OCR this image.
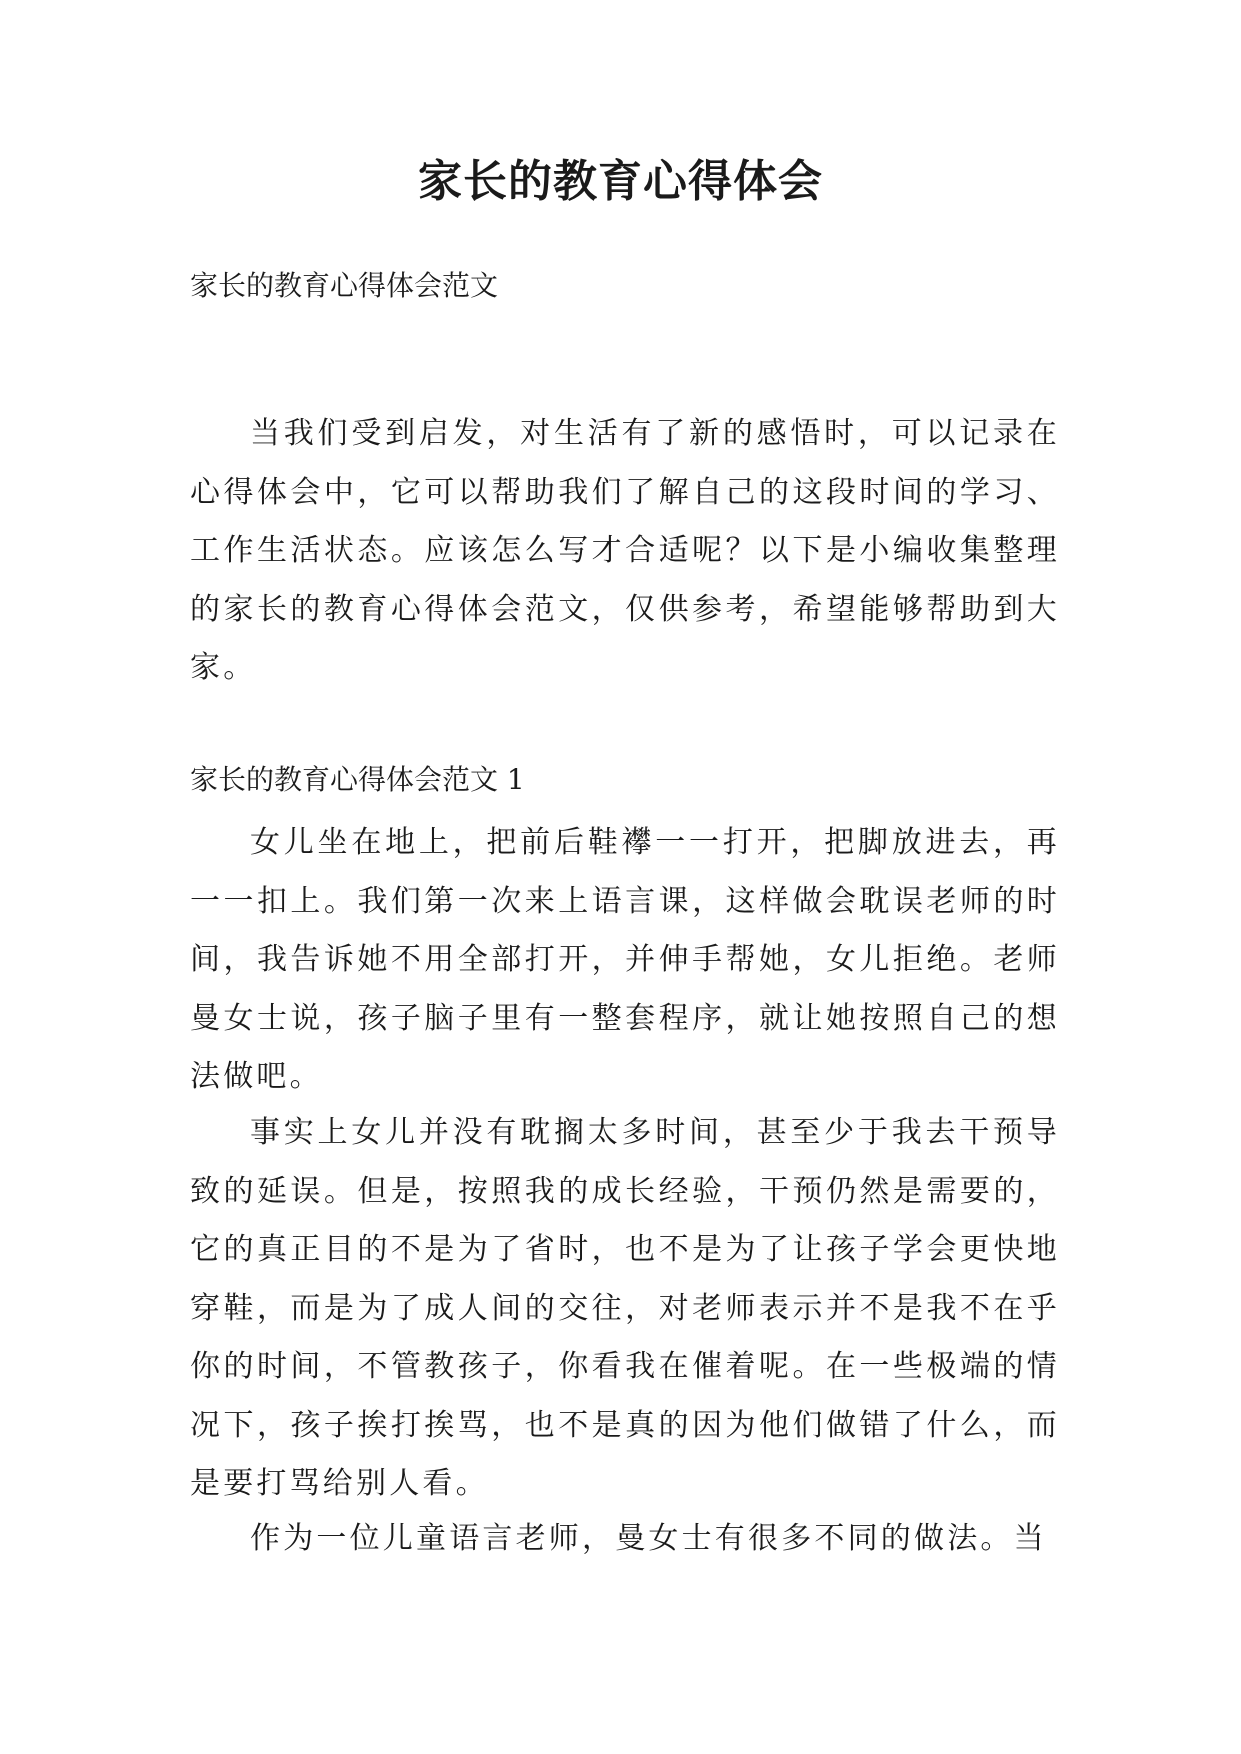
家长的教育心得体会

家长的教育心得体会范文

当我们受到启发，对生活有了新的感悟时，可以记录在心得体会中，它可以帮助我们了解自己的这段时间的学习、工作生活状态。应该怎么写才合适呢？以下是小编收集整理的家长的教育心得体会范文，仅供参考，希望能够帮助到大家。

家长的教育心得体会范文 1

女儿坐在地上，把前后鞋襻一一打开，把脚放进去，再一一扣上。我们第一次来上语言课，这样做会耽误老师的时间，我告诉她不用全部打开，并伸手帮她，女儿拒绝。老师曼女士说，孩子脑子里有一整套程序，就让她按照自己的想法做吧。

事实上女儿并没有耽搁太多时间，甚至少于我去干预导致的延误。但是，按照我的成长经验，干预仍然是需要的，它的真正目的不是为了省时，也不是为了让孩子学会更快地穿鞋，而是为了成人间的交往，对老师表示并不是我不在乎你的时间，不管教孩子，你看我在催着呢。在一些极端的情况下，孩子挨打挨骂，也不是真的因为他们做错了什么，而是要打骂给别人看。

作为一位儿童语言老师，曼女士有很多不同的做法。当
